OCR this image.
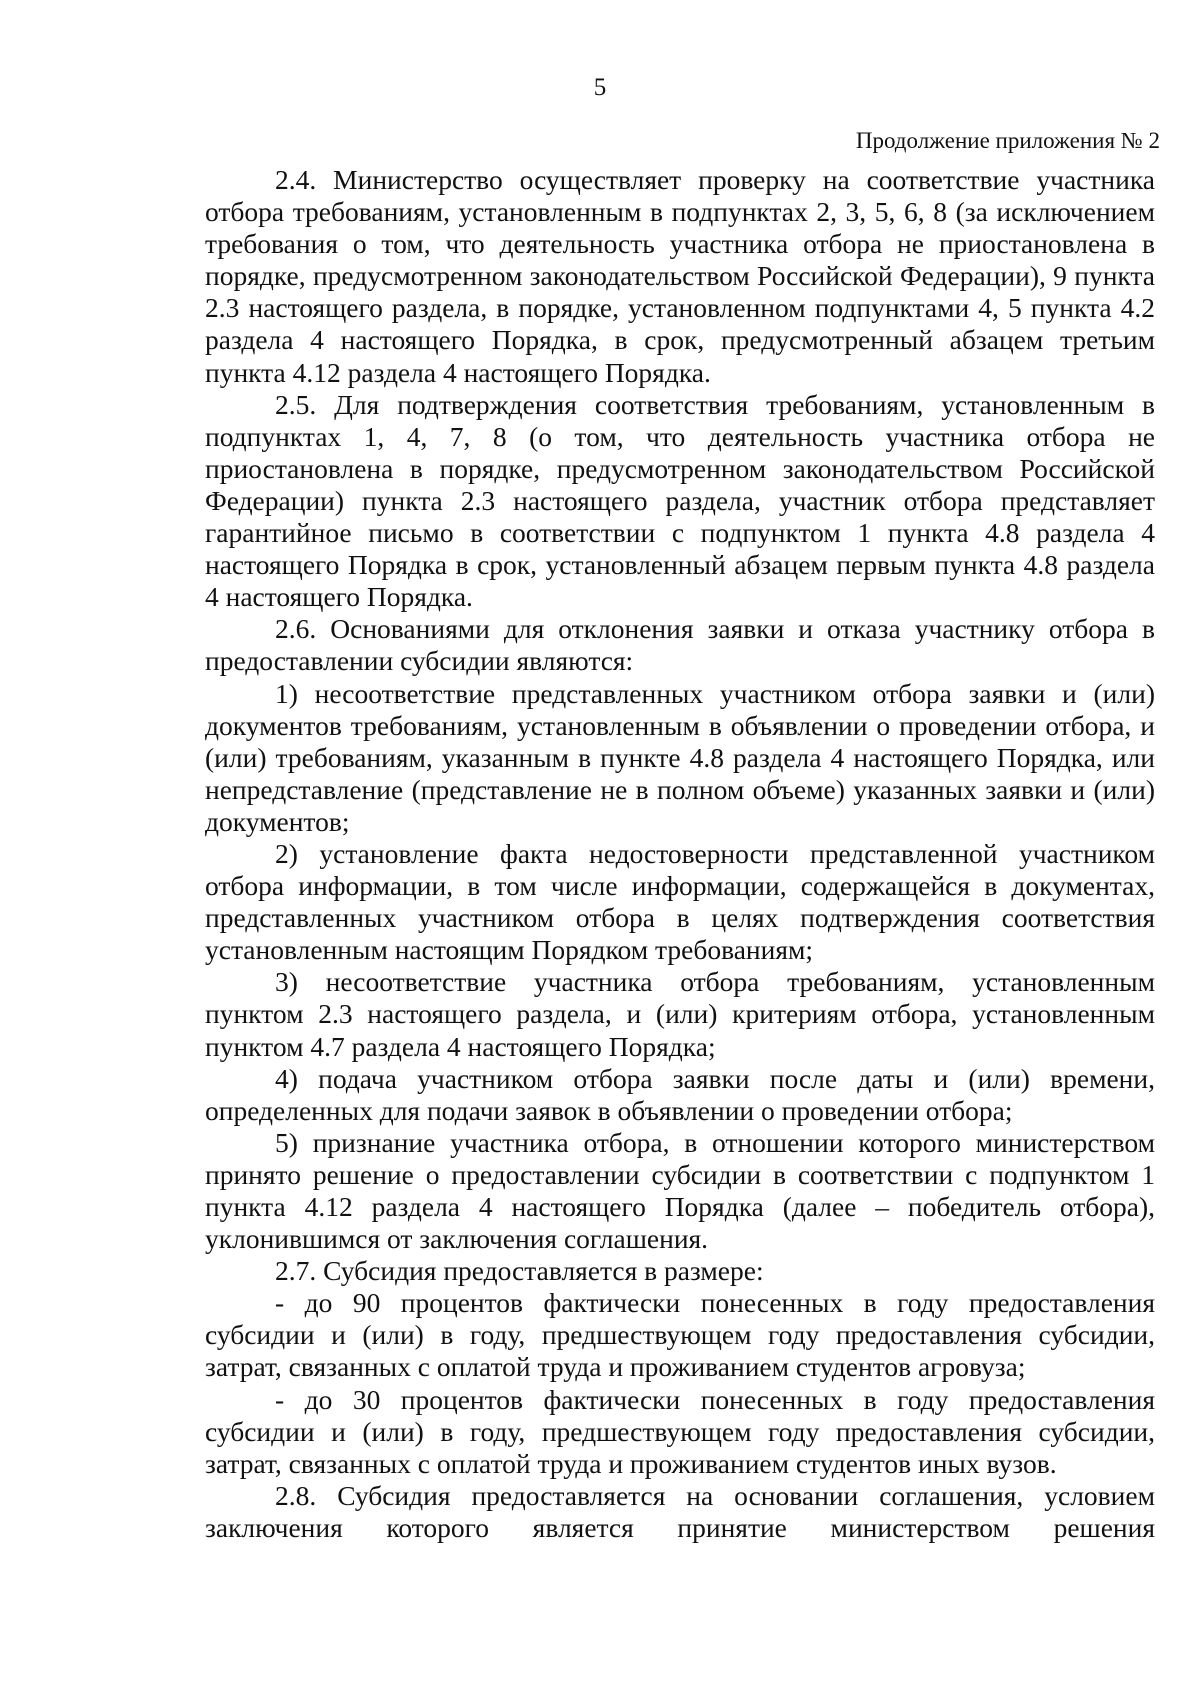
5
Продолжение приложения № 2

2.4. Министерство осуществляет проверку на соответствие участника отбора требованиям, установленным в подпунктах 2, 3, 5, 6, 8 (за исключением требования о том, что деятельность участника отбора не приостановлена в порядке, предусмотренном законодательством Российской Федерации), 9 пункта 2.3 настоящего раздела, в порядке, установленном подпунктами 4, 5 пункта 4.2 раздела 4 настоящего Порядка, в срок, предусмотренный абзацем третьим пункта 4.12 раздела 4 настоящего Порядка.

2.5. Для подтверждения соответствия требованиям, установленным в подпунктах 1, 4, 7, 8 (о том, что деятельность участника отбора не приостановлена в порядке, предусмотренном законодательством Российской Федерации) пункта 2.3 настоящего раздела, участник отбора представляет гарантийное письмо в соответствии с подпунктом 1 пункта 4.8 раздела 4 настоящего Порядка в срок, установленный абзацем первым пункта 4.8 раздела 4 настоящего Порядка.

2.6. Основаниями для отклонения заявки и отказа участнику отбора в предоставлении субсидии являются:

1) несоответствие представленных участником отбора заявки и (или) документов требованиям, установленным в объявлении о проведении отбора, и (или) требованиям, указанным в пункте 4.8 раздела 4 настоящего Порядка, или непредставление (представление не в полном объеме) указанных заявки и (или) документов;

2) установление факта недостоверности представленной участником отбора информации, в том числе информации, содержащейся в документах, представленных участником отбора в целях подтверждения соответствия установленным настоящим Порядком требованиям;

3) несоответствие участника отбора требованиям, установленным пунктом 2.3 настоящего раздела, и (или) критериям отбора, установленным пунктом 4.7 раздела 4 настоящего Порядка;

4) подача участником отбора заявки после даты и (или) времени, определенных для подачи заявок в объявлении о проведении отбора;

5) признание участника отбора, в отношении которого министерством принято решение о предоставлении субсидии в соответствии с подпунктом 1 пункта 4.12 раздела 4 настоящего Порядка (далее – победитель отбора), уклонившимся от заключения соглашения.

2.7. Субсидия предоставляется в размере:

- до 90 процентов фактически понесенных в году предоставления субсидии и (или) в году, предшествующем году предоставления субсидии, затрат, связанных с оплатой труда и проживанием студентов агровуза;

- до 30 процентов фактически понесенных в году предоставления субсидии и (или) в году, предшествующем году предоставления субсидии, затрат, связанных с оплатой труда и проживанием студентов иных вузов.

2.8. Субсидия предоставляется на основании соглашения, условием заключения которого является принятие министерством решения
